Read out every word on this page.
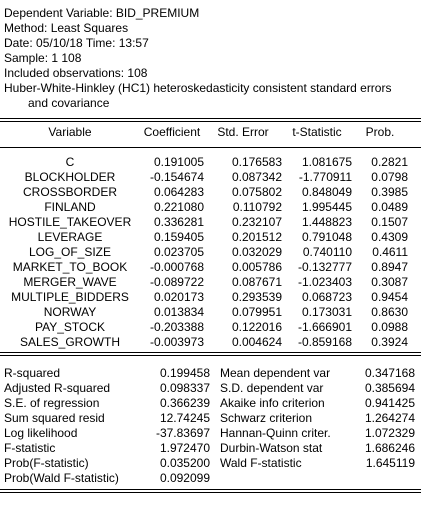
Dependent Variable: BID_PREMIUM
Method: Least Squares
Date: 05/10/18 Time: 13:57
Sample: 1 108
Included observations: 108
Huber-White-Hinkley (HC1) heteroskedasticity consistent standard errors
and covariance
Variable	Coefficient	Std. Error	t-Statistic	Prob.
C	0.191005	0.176583	1.081675	0.2821
BLOCKHOLDER	-0.154674	0.087342	-1.770911	0.0798
CROSSBORDER	0.064283	0.075802	0.848049	0.3985
FINLAND	0.221080	0.110792	1.995445	0.0489
HOSTILE_TAKEOVER	0.336281	0.232107	1.448823	0.1507
LEVERAGE	0.159405	0.201512	0.791048	0.4309
LOG_OF_SIZE	0.023705	0.032029	0.740110	0.4611
MARKET_TO_BOOK	-0.000768	0.005786	-0.132777	0.8947
MERGER_WAVE	-0.089722	0.087671	-1.023403	0.3087
MULTIPLE_BIDDERS	0.020173	0.293539	0.068723	0.9454
NORWAY	0.013834	0.079951	0.173031	0.8630
PAY_STOCK	-0.203388	0.122016	-1.666901	0.0988
SALES_GROWTH	-0.003973	0.004624	-0.859168	0.3924
R-squared	0.199458	Mean dependent var	0.347168
Adjusted R-squared	0.098337	S.D. dependent var	0.385694
S.E. of regression	0.366239	Akaike info criterion	0.941425
Sum squared resid	12.74245	Schwarz criterion	1.264274
Log likelihood	-37.83697	Hannan-Quinn criter.	1.072329
F-statistic	1.972470	Durbin-Watson stat	1.686246
Prob(F-statistic)	0.035200	Wald F-statistic	1.645119
Prob(Wald F-statistic)	0.092099		
